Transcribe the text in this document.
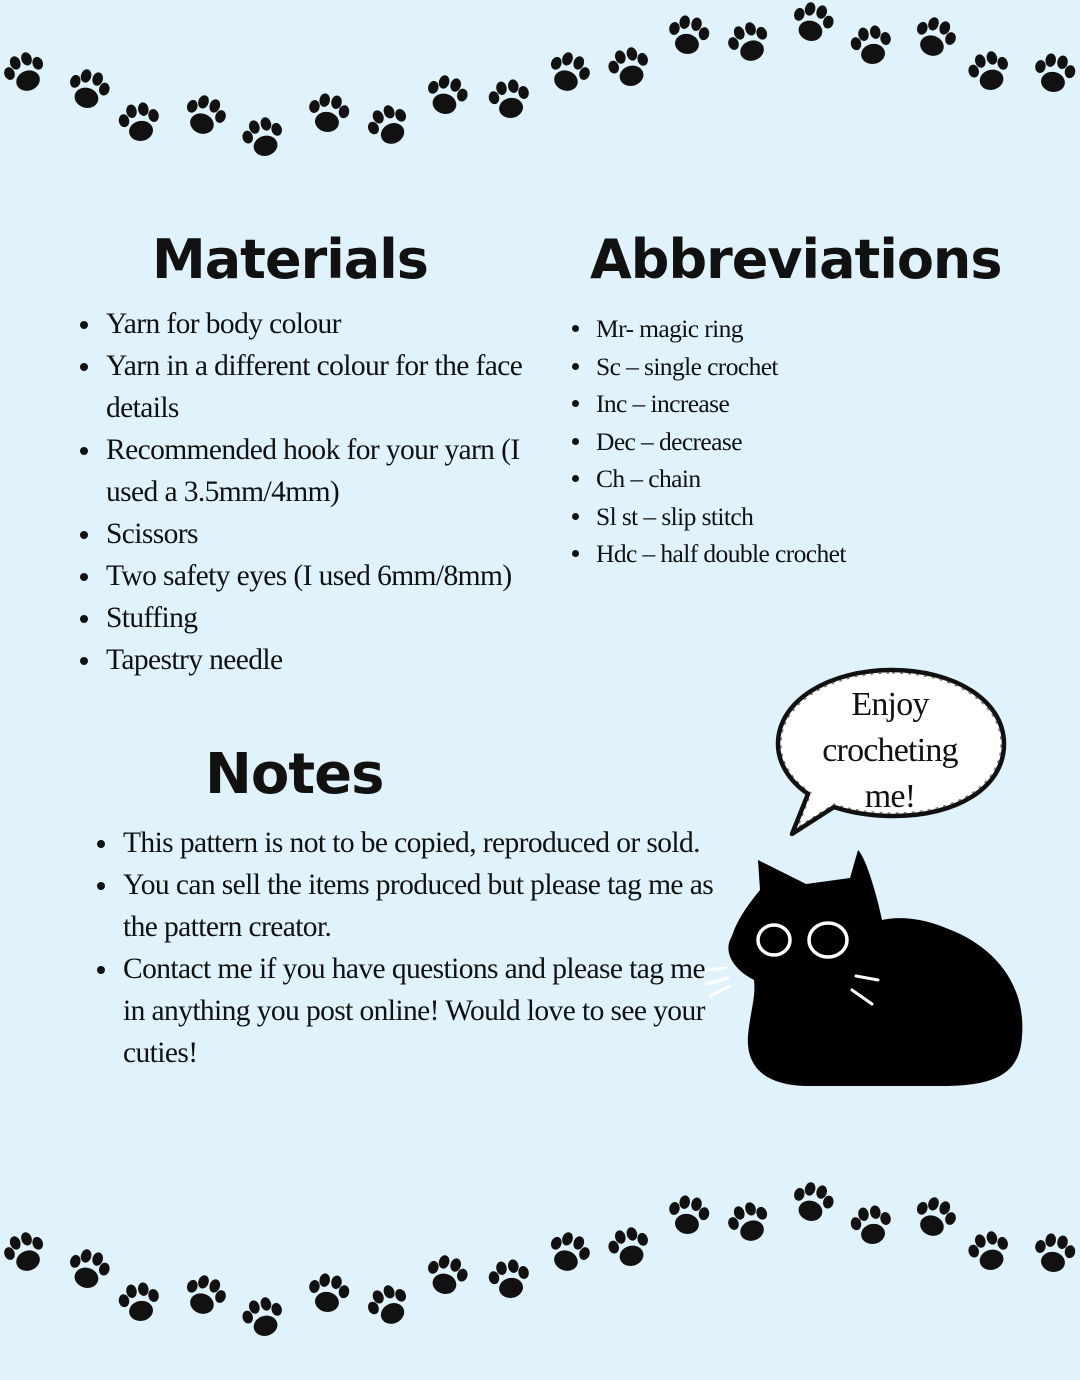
Materials	Abbreviations
Yarn for body colour
Yarn in a different colour for the face details
Recommended hook for your yarn (I used a 3.5mm/4mm)
Scissors
Two safety eyes (I used 6mm/8mm)
Stuffing
Tapestry needle
Mr- magic ring
Sc – single crochet
Inc – increase
Dec – decrease
Ch – chain
Sl st – slip stitch
Hdc – half double crochet
Notes
This pattern is not to be copied, reproduced or sold.
You can sell the items produced but please tag me as the pattern creator.
Contact me if you have questions and please tag me in anything you post online! Would love to see your cuties!
Enjoy
crocheting
me!
